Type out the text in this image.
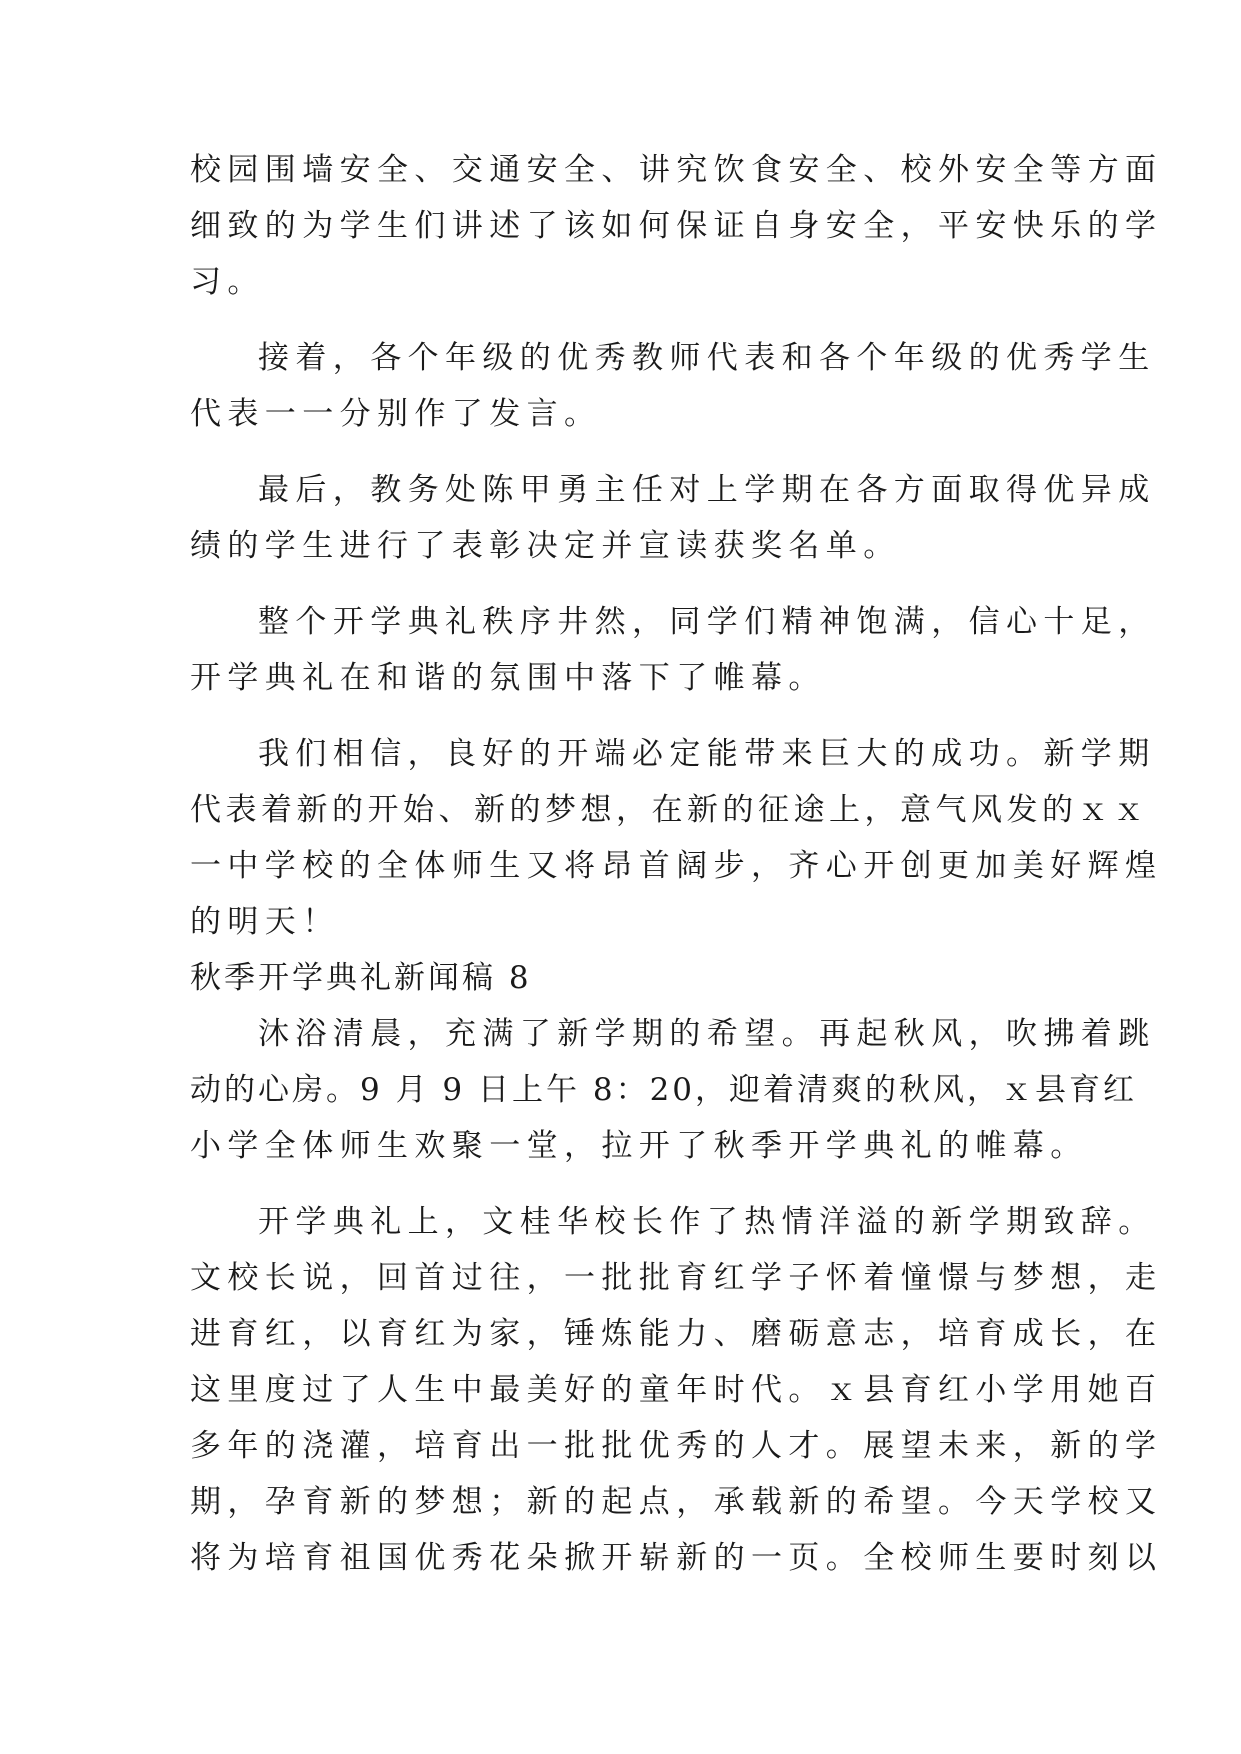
校园围墙安全、交通安全、讲究饮食安全、校外安全等方面
细致的为学生们讲述了该如何保证自身安全，平安快乐的学
习。
接着，各个年级的优秀教师代表和各个年级的优秀学生
代表一一分别作了发言。
最后，教务处陈甲勇主任对上学期在各方面取得优异成
绩的学生进行了表彰决定并宣读获奖名单。
整个开学典礼秩序井然，同学们精神饱满，信心十足，
开学典礼在和谐的氛围中落下了帷幕。
我们相信，良好的开端必定能带来巨大的成功。新学期
代表着新的开始、新的梦想，在新的征途上，意气风发的ｘｘ
一中学校的全体师生又将昂首阔步，齐心开创更加美好辉煌
的明天！
秋季开学典礼新闻稿 8
沐浴清晨，充满了新学期的希望。再起秋风，吹拂着跳
动的心房。9 月 9 日上午 8：20，迎着清爽的秋风，ｘ县育红
小学全体师生欢聚一堂，拉开了秋季开学典礼的帷幕。
开学典礼上，文桂华校长作了热情洋溢的新学期致辞。
文校长说，回首过往，一批批育红学子怀着憧憬与梦想，走
进育红，以育红为家，锤炼能力、磨砺意志，培育成长，在
这里度过了人生中最美好的童年时代。ｘ县育红小学用她百
多年的浇灌，培育出一批批优秀的人才。展望未来，新的学
期，孕育新的梦想；新的起点，承载新的希望。今天学校又
将为培育祖国优秀花朵掀开崭新的一页。全校师生要时刻以
